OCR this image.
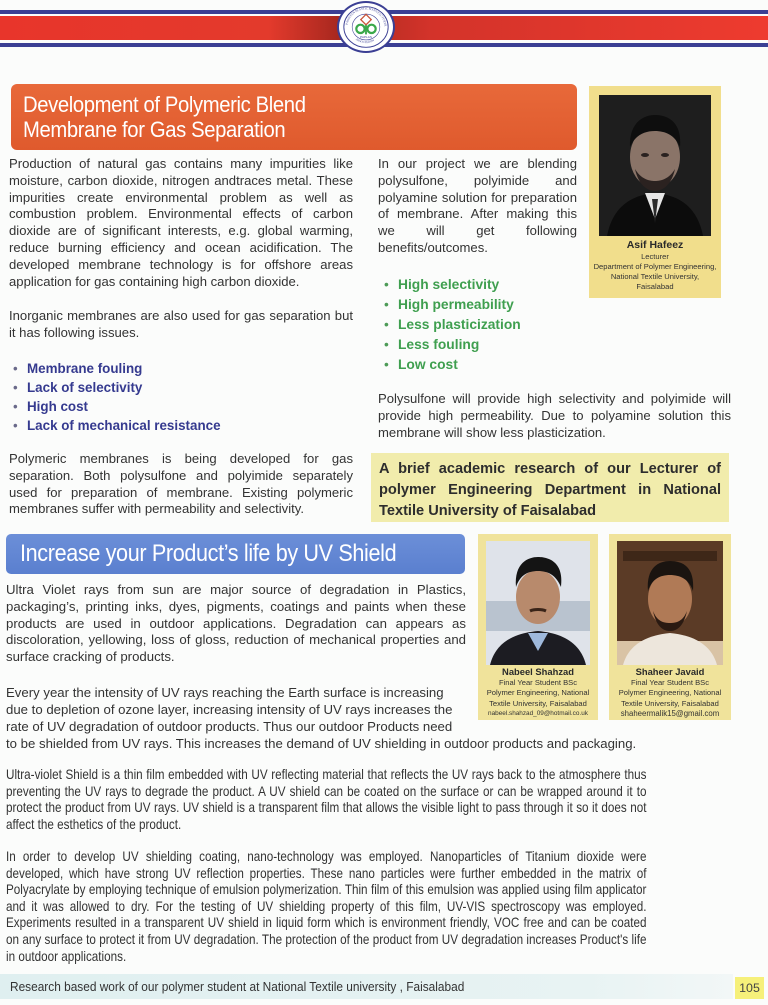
PAPLAS
PAKISTAN PLASTIC MANUFACTURER
ASSOCIATION
Development of Polymeric Blend
Membrane for Gas Separation

Production of natural gas contains many impurities like moisture, carbon dioxide, nitrogen andtraces metal. These impurities create environmental problem as well as combustion problem. Environmental effects of carbon dioxide are of significant interests, e.g. global warming, reduce burning efficiency and ocean acidification. The developed membrane technology is for offshore areas application for gas containing high carbon dioxide.

Inorganic membranes are also used for gas separation but it has following issues.

• Membrane fouling
• Lack of selectivity
• High cost
• Lack of mechanical resistance

Polymeric membranes is being developed for gas separation. Both polysulfone and polyimide separately used for preparation of membrane. Existing polymeric membranes suffer with permeability and selectivity.

In our project we are blending polysulfone, polyimide and polyamine solution for preparation of membrane. After making this we will get following benefits/outcomes.

• High selectivity
• High permeability
• Less plasticization
• Less fouling
• Low cost

Polysulfone will provide high selectivity and polyimide will provide high permeability. Due to polyamine solution this membrane will show less plasticization.

A brief academic research of our Lecturer of polymer Engineering Department in National Textile University of Faisalabad
Asif Hafeez
Lecturer
Department of Polymer Engineering,
National Textile University,
Faisalabad
Increase your Product’s life by UV Shield

Ultra Violet rays from sun are major source of degradation in Plastics, packaging’s, printing inks, dyes, pigments, coatings and paints when these products are used in outdoor applications. Degradation can appears as discoloration, yellowing, loss of gloss, reduction of mechanical properties and surface cracking of products.

Every year the intensity of UV rays reaching the Earth surface is increasing due to depletion of ozone layer, increasing intensity of UV rays increases the rate of UV degradation of outdoor products. Thus our outdoor Products need

to be shielded from UV rays. This increases the demand of UV shielding in outdoor products and packaging.

Ultra-violet Shield is a thin film embedded with UV reflecting material that reflects the UV rays back to the atmosphere thus preventing the UV rays to degrade the product. A UV shield can be coated on the surface or can be wrapped around it to protect the product from UV rays. UV shield is a transparent film that allows the visible light to pass through it so it does not affect the esthetics of the product.
In order to develop UV shielding coating, nano-technology was employed. Nanoparticles of Titanium dioxide were developed, which have strong UV reflection properties. These nano particles were further embedded in the matrix of Polyacrylate by employing technique of emulsion polymerization. Thin film of this emulsion was applied using film applicator and it was allowed to dry. For the testing of UV shielding property of this film, UV-VIS spectroscopy was employed. Experiments resulted in a transparent UV shield in liquid form which is environment friendly, VOC free and can be coated on any surface to protect it from UV degradation. The protection of the product from UV degradation increases Product's life in outdoor applications.
Nabeel Shahzad
Final Year Student BSc
Polymer Engineering, National
Textile University, Faisalabad
nabeel.shahzad_09@hotmail.co.uk
Shaheer Javaid
Final Year Student BSc
Polymer Engineering, National
Textile University, Faisalabad
shaheermalik15@gmail.com
Research based work of our polymer student at National Textile university , Faisalabad	105
